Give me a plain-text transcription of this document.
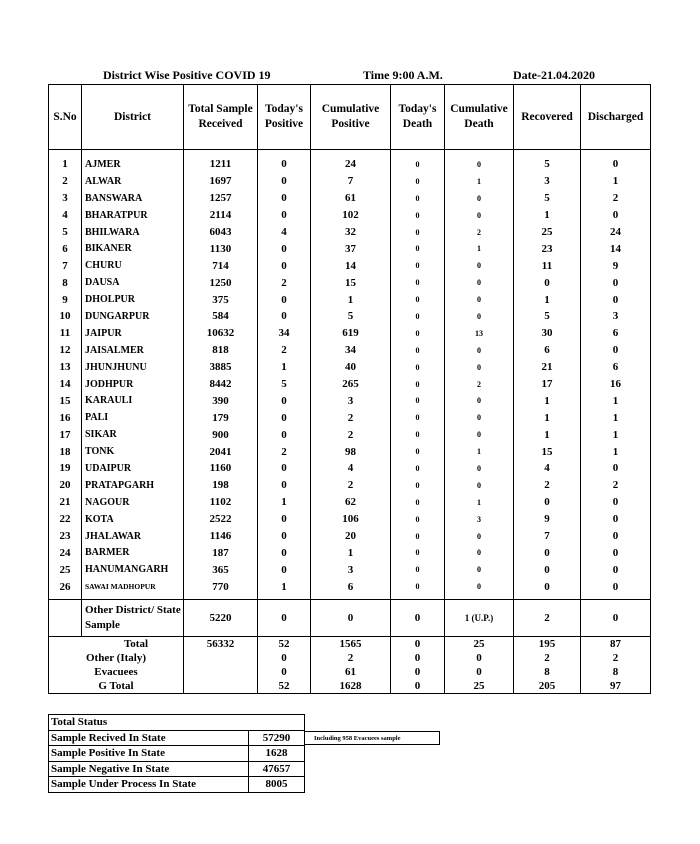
District Wise Positive COVID 19	Time 9:00 A.M.	Date-21.04.2020
S.No	District	Total Sample Received	Today's Positive	Cumulative Positive	Today's Death	Cumulative Death	Recovered	Discharged
1	AJMER	1211	0	24	0	0	5	0
2	ALWAR	1697	0	7	0	1	3	1
3	BANSWARA	1257	0	61	0	0	5	2
4	BHARATPUR	2114	0	102	0	0	1	0
5	BHILWARA	6043	4	32	0	2	25	24
6	BIKANER	1130	0	37	0	1	23	14
7	CHURU	714	0	14	0	0	11	9
8	DAUSA	1250	2	15	0	0	0	0
9	DHOLPUR	375	0	1	0	0	1	0
10	DUNGARPUR	584	0	5	0	0	5	3
11	JAIPUR	10632	34	619	0	13	30	6
12	JAISALMER	818	2	34	0	0	6	0
13	JHUNJHUNU	3885	1	40	0	0	21	6
14	JODHPUR	8442	5	265	0	2	17	16
15	KARAULI	390	0	3	0	0	1	1
16	PALI	179	0	2	0	0	1	1
17	SIKAR	900	0	2	0	0	1	1
18	TONK	2041	2	98	0	1	15	1
19	UDAIPUR	1160	0	4	0	0	4	0
20	PRATAPGARH	198	0	2	0	0	2	2
21	NAGOUR	1102	1	62	0	1	0	0
22	KOTA	2522	0	106	0	3	9	0
23	JHALAWAR	1146	0	20	0	0	7	0
24	BARMER	187	0	1	0	0	0	0
25	HANUMANGARH	365	0	3	0	0	0	0
26	SAWAI MADHOPUR	770	1	6	0	0	0	0
	Other District/ State Sample	5220	0	0	0	1 (U.P.)	2	0
Total		56332	52	1565	0	25	195	87
Other (Italy)			0	2	0	0	2	2
Evacuees			0	61	0	0	8	8
G Total			52	1628	0	25	205	97
Total Status	
Sample Recived In State	57290
Sample Positive In State	1628
Sample Negative In State	47657
Sample Under Process In State	8005
Including 958 Evacuees sample
